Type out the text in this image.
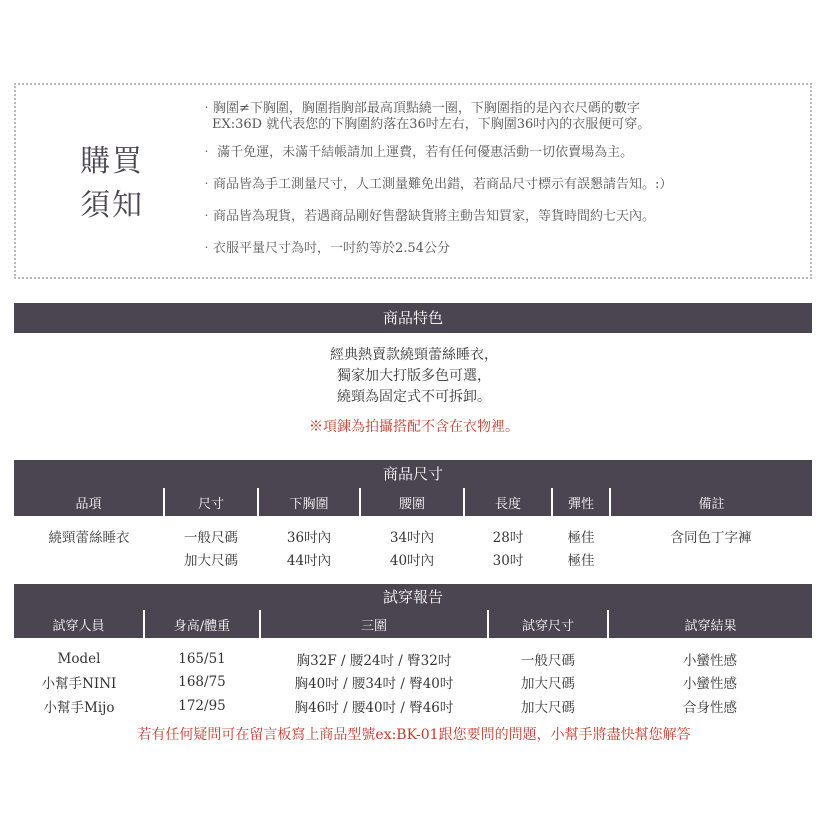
購買
須知
‧胸圍≠下胸圍，胸圍指胸部最高頂點繞一圈，下胸圍指的是內衣尺碼的數字
EX:36D 就代表您的下胸圍約落在36吋左右，下胸圍36吋內的衣服便可穿。
‧ 滿千免運，未滿千結帳請加上運費，若有任何優惠活動一切依賣場為主。
‧商品皆為手工測量尺寸，人工測量難免出錯，若商品尺寸標示有誤懇請告知。:）
‧商品皆為現貨，若遇商品剛好售罄缺貨將主動告知買家，等貨時間約七天內。
‧衣服平量尺寸為吋，一吋約等於2.54公分
商品特色
經典熱賣款繞頸蕾絲睡衣，
獨家加大打版多色可選，
繞頸為固定式不可拆卸。
※項鍊為拍攝搭配不含在衣物裡。
商品尺寸
品項	尺寸	下胸圍	腰圍	長度	彈性	備註
繞頸蕾絲睡衣	一般尺碼	36吋內	34吋內	28吋	極佳	含同色丁字褲
	加大尺碼	44吋內	40吋內	30吋	極佳	
試穿報告
試穿人員	身高/體重	三圍	試穿尺寸	試穿結果
Model	165/51	胸32F / 腰24吋 / 臀32吋	一般尺碼	小蠻性感
小幫手NINI	168/75	胸40吋 / 腰34吋 / 臀40吋	加大尺碼	小蠻性感
小幫手Mijo	172/95	胸46吋 / 腰40吋 / 臀46吋	加大尺碼	合身性感
若有任何疑問可在留言板寫上商品型號ex:BK-01跟您要問的問題，小幫手將盡快幫您解答
